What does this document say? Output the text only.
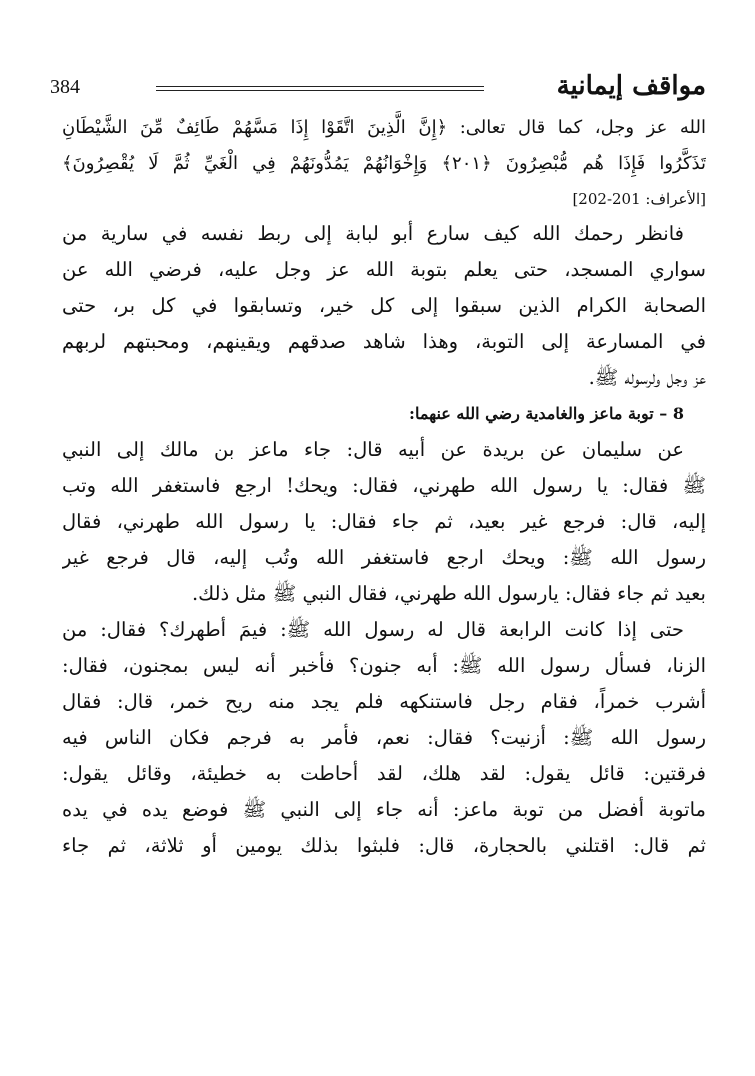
384	مواقف إيمانية
الله عز وجل، كما قال تعالى: ﴿إِنَّ الَّذِينَ اتَّقَوْا إِذَا مَسَّهُمْ طَائِفٌ مِّنَ الشَّيْطَانِ
تَذَكَّرُوا فَإِذَا هُم مُّبْصِرُونَ ﴿٢٠١﴾ وَإِخْوَانُهُمْ يَمُدُّونَهُمْ فِي الْغَيِّ ثُمَّ لَا يُقْصِرُونَ﴾
[الأعراف: 201-202]
فانظر رحمك الله كيف سارع أبو لبابة إلى ربط نفسه في سارية من
سواري المسجد، حتى يعلم بتوبة الله عز وجل عليه، فرضي الله عن
الصحابة الكرام الذين سبقوا إلى كل خير، وتسابقوا في كل بر، حتى
في المسارعة إلى التوبة، وهذا شاهد صدقهم ويقينهم، ومحبتهم لربهم
عز وجل ولرسوله ﷺ.
8 – توبة ماعز والغامدية رضي الله عنهما:
عن سليمان عن بريدة عن أبيه قال: جاء ماعز بن مالك إلى النبي
ﷺ فقال: يا رسول الله طهرني، فقال: ويحك! ارجع فاستغفر الله وتب
إليه، قال: فرجع غير بعيد، ثم جاء فقال: يا رسول الله طهرني، فقال
رسول الله ﷺ: ويحك ارجع فاستغفر الله وتُب إليه، قال فرجع غير
بعيد ثم جاء فقال: يارسول الله طهرني، فقال النبي ﷺ مثل ذلك.
حتى إذا كانت الرابعة قال له رسول الله ﷺ: فيمَ أطهرك؟ فقال: من
الزنا، فسأل رسول الله ﷺ: أبه جنون؟ فأخبر أنه ليس بمجنون، فقال:
أشرب خمراً، فقام رجل فاستنكهه فلم يجد منه ريح خمر، قال: فقال
رسول الله ﷺ: أزنيت؟ فقال: نعم، فأمر به فرجم فكان الناس فيه
فرقتين: قائل يقول: لقد هلك، لقد أحاطت به خطيئة، وقائل يقول:
ماتوبة أفضل من توبة ماعز: أنه جاء إلى النبي ﷺ فوضع يده في يده
ثم قال: اقتلني بالحجارة، قال: فلبثوا بذلك يومين أو ثلاثة، ثم جاء
